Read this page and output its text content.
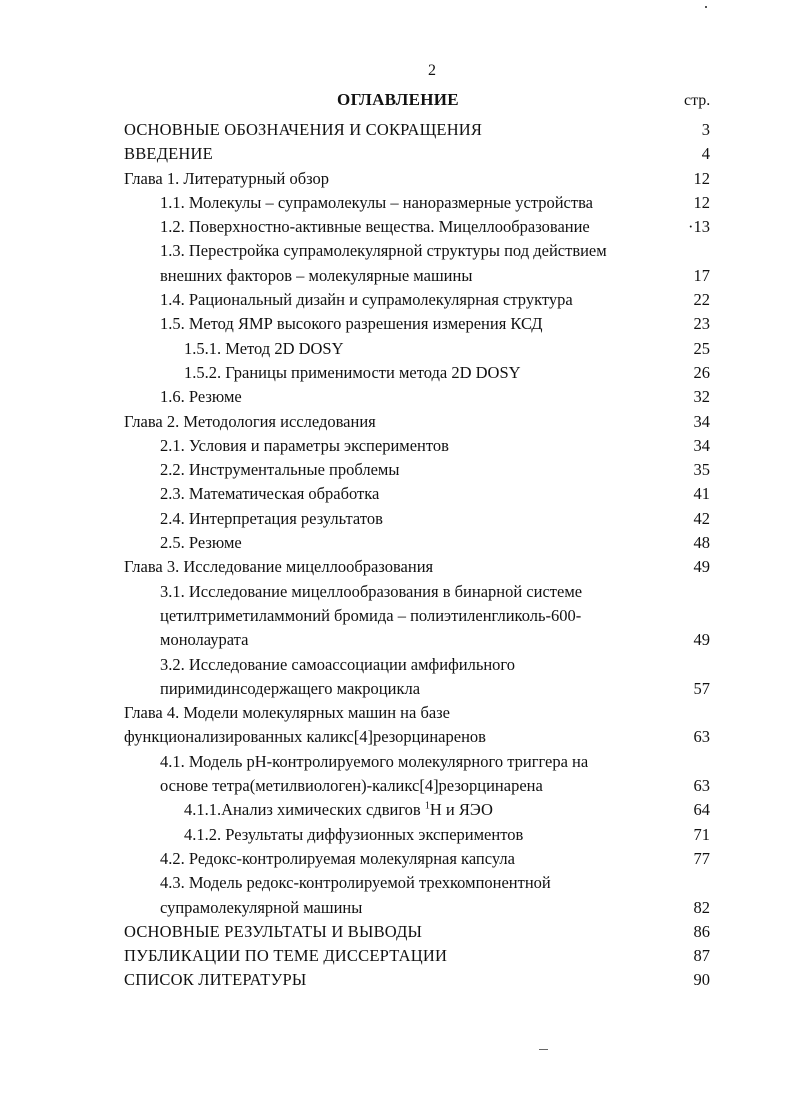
2
ОГЛАВЛЕНИЕ	стр.
ОСНОВНЫЕ ОБОЗНАЧЕНИЯ И СОКРАЩЕНИЯ	3
ВВЕДЕНИЕ	4
Глава 1. Литературный обзор	12
1.1. Молекулы – супрамолекулы – наноразмерные устройства	12
1.2. Поверхностно-активные вещества. Мицеллообразование	·13
1.3. Перестройка супрамолекулярной структуры под действием
внешних факторов – молекулярные машины	17
1.4. Рациональный дизайн и супрамолекулярная структура	22
1.5. Метод ЯМР высокого разрешения измерения КСД	23
1.5.1. Метод 2D DOSY	25
1.5.2. Границы применимости метода 2D DOSY	26
1.6. Резюме	32
Глава 2. Методология исследования	34
2.1. Условия и параметры экспериментов	34
2.2. Инструментальные проблемы	35
2.3. Математическая обработка	41
2.4. Интерпретация результатов	42
2.5. Резюме	48
Глава 3. Исследование мицеллообразования	49
3.1. Исследование мицеллообразования в бинарной системе
цетилтриметиламмоний бромида – полиэтиленгликоль-600-
монолаурата	49
3.2. Исследование самоассоциации амфифильного
пиримидинсодержащего макроцикла	57
Глава 4. Модели молекулярных машин на базе
функционализированных каликс[4]резорцинаренов	63
4.1. Модель рН-контролируемого молекулярного триггера на
основе тетра(метилвиологен)-каликс[4]резорцинарена	63
4.1.1.Анализ химических сдвигов $^1$Н и ЯЭО	64
4.1.2. Результаты диффузионных экспериментов	71
4.2. Редокс-контролируемая молекулярная капсула	77
4.3. Модель редокс-контролируемой трехкомпонентной
супрамолекулярной машины	82
ОСНОВНЫЕ РЕЗУЛЬТАТЫ И ВЫВОДЫ	86
ПУБЛИКАЦИИ ПО ТЕМЕ ДИССЕРТАЦИИ	87
СПИСОК ЛИТЕРАТУРЫ	90
